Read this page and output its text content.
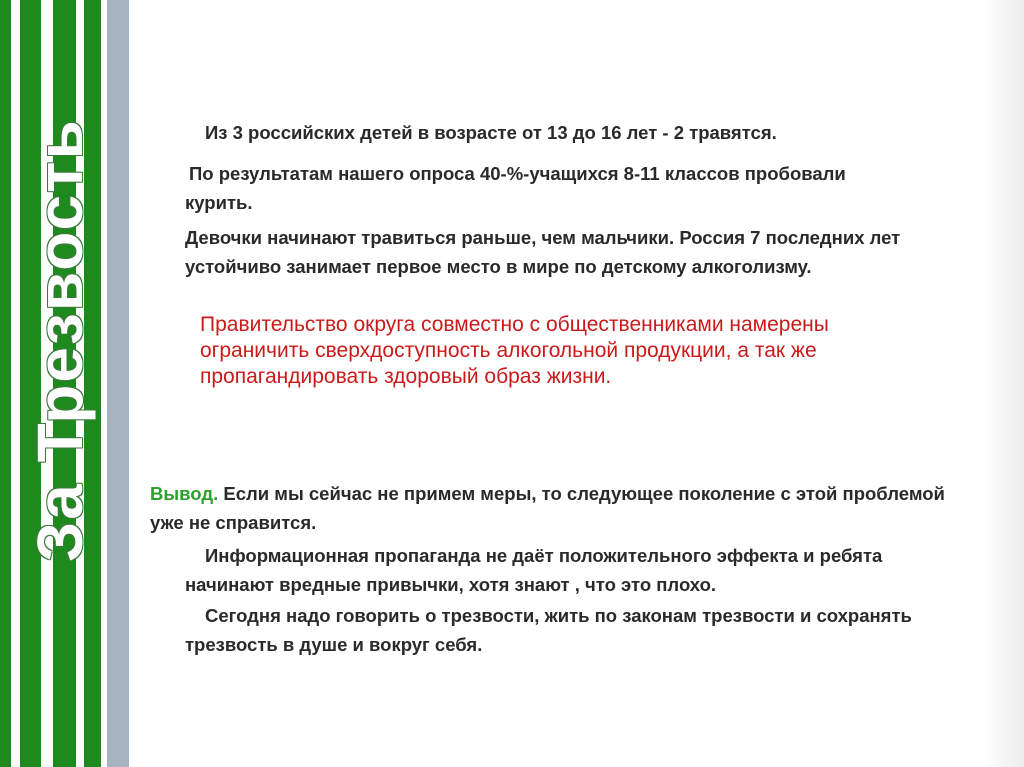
За Трезвость	Из 3 российских детей в возрасте от 13 до 16 лет - 2 травятся.

По результатам нашего опроса 40-%-учащихся 8-11 классов пробовали курить.

Девочки начинают травиться раньше, чем мальчики. Россия 7 последних лет устойчиво занимает первое место в мире по детскому алкоголизму.

Правительство округа совместно с общественниками намерены ограничить сверхдоступность алкогольной продукции, а так же пропагандировать здоровый образ жизни.

Вывод. Если мы сейчас не примем меры, то следующее поколение с этой проблемой уже не справится.

Информационная пропаганда не даёт положительного эффекта и ребята начинают вредные привычки, хотя знают , что это плохо.

Сегодня надо говорить о трезвости, жить по законам трезвости и сохранять трезвость в душе и вокруг себя.
